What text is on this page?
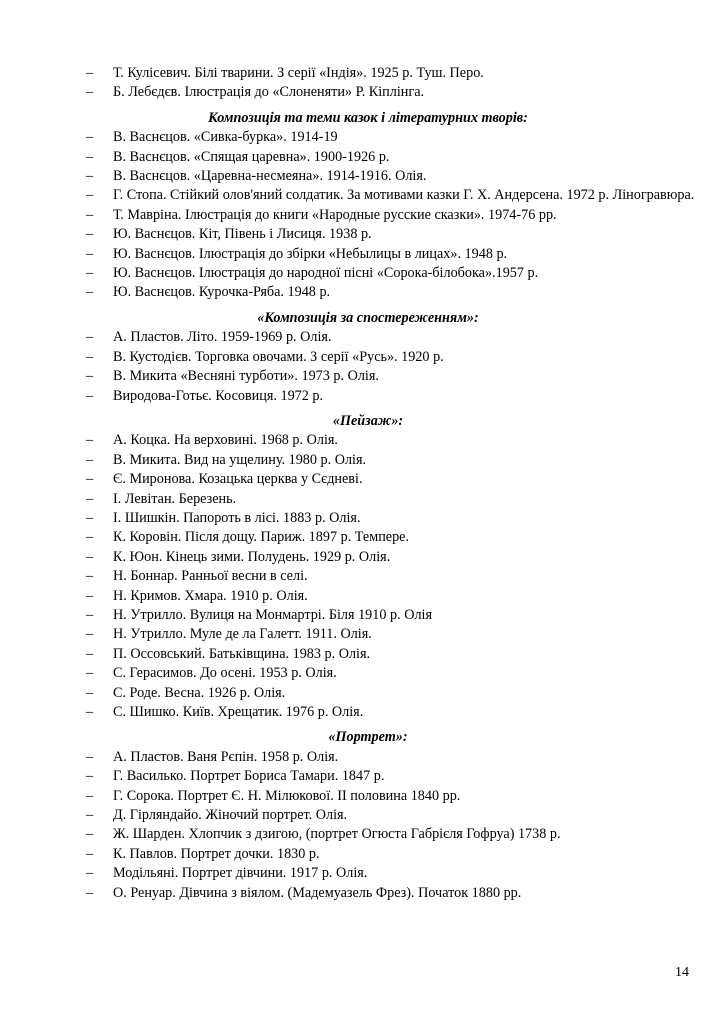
– Т. Кулісевич. Білі тварини. З серії «Індія». 1925 р. Туш. Перо.
– Б. Лебєдєв. Ілюстрація до «Слоненяти» Р. Кіплінга.
Композиція та теми казок і літературних творів:
– В. Васнєцов. «Сивка-бурка». 1914-19
– В. Васнєцов. «Спящая царевна». 1900-1926 р.
– В. Васнєцов. «Царевна-несмеяна». 1914-1916. Олія.
– Г. Стопа. Стійкий олов'яний солдатик. За мотивами казки Г. Х. Андерсена. 1972 р. Ліногравюра.
– Т. Мавріна. Ілюстрація до книги «Народные русские сказки». 1974-76 рр.
– Ю. Васнєцов. Кіт, Півень і Лисиця. 1938 р.
– Ю. Васнєцов. Ілюстрація до збірки «Небылицы в лицах». 1948 р.
– Ю. Васнєцов. Ілюстрація до народної пісні «Сорока-білобока».1957 р.
– Ю. Васнєцов. Курочка-Ряба. 1948 р.
«Композиція за спостереженням»:
– А. Пластов. Літо. 1959-1969 р. Олія.
– В. Кустодієв. Торговка овочами. З серії «Русь». 1920 р.
– В. Микита «Весняні турботи». 1973 р. Олія.
– Виродова-Готьє. Косовиця. 1972 р.
«Пейзаж»:
– А. Коцка. На верховині. 1968 р. Олія.
– В. Микита. Вид на ущелину. 1980 р. Олія.
– Є. Миронова. Козацька церква у Сєдневі.
– І. Левітан. Березень.
– І. Шишкін. Папороть в лісі. 1883 р. Олія.
– К. Коровін. Після дощу. Париж. 1897 р. Темпере.
– К. Юон. Кінець зими. Полудень. 1929 р. Олія.
– Н. Боннар. Ранньої весни в селі.
– Н. Кримов. Хмара. 1910 р. Олія.
– Н. Утрилло. Вулиця на Монмартрі. Біля 1910 р. Олія
– Н. Утрилло. Муле де ла Галетт. 1911. Олія.
– П. Оссовський. Батьківщина. 1983 р. Олія.
– С. Герасимов. До осені. 1953 р. Олія.
– С. Роде. Весна. 1926 р. Олія.
– С. Шишко. Київ. Хрещатик. 1976 р. Олія.
«Портрет»:
– А. Пластов. Ваня Рєпін. 1958 р. Олія.
– Г. Василько. Портрет Бориса Тамари. 1847 р.
– Г. Сорока. Портрет Є. Н. Мілюкової. ІІ половина 1840 рр.
– Д. Гірляндайо. Жіночий портрет. Олія.
– Ж. Шарден. Хлопчик з дзигою, (портрет Огюста Габрієля Гофруа) 1738 р.
– К. Павлов. Портрет дочки. 1830 р.
– Модільяні. Портрет дівчини. 1917 р. Олія.
– О. Ренуар. Дівчина з віялом. (Мадемуазель Фрез). Початок 1880 рр.
14
